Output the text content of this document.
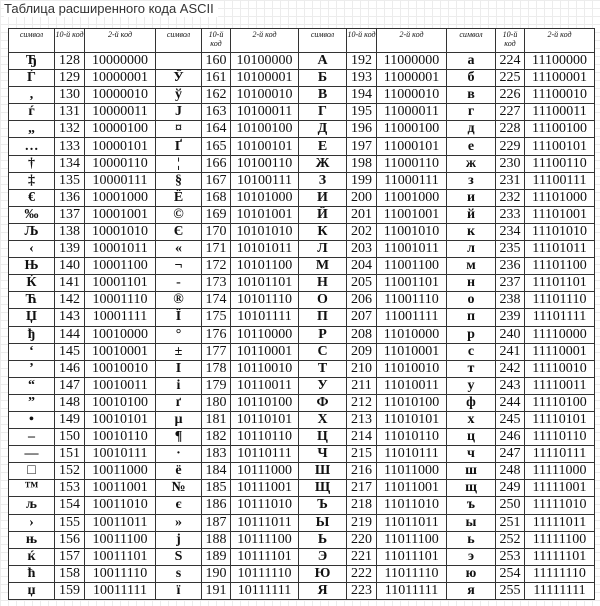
Таблица расширенного кода ASCII
символ	10-й код	2-й код	символ	10-й код	2-й код	символ	10-й код	2-й код	символ	10-й код	2-й код
Ђ	128	10000000		160	10100000	А	192	11000000	а	224	11100000
Ѓ	129	10000001	Ў	161	10100001	Б	193	11000001	б	225	11100001
‚	130	10000010	ў	162	10100010	В	194	11000010	в	226	11100010
ѓ	131	10000011	Ј	163	10100011	Г	195	11000011	г	227	11100011
„	132	10000100	¤	164	10100100	Д	196	11000100	д	228	11100100
…	133	10000101	Ґ	165	10100101	Е	197	11000101	е	229	11100101
†	134	10000110	¦	166	10100110	Ж	198	11000110	ж	230	11100110
‡	135	10000111	§	167	10100111	З	199	11000111	з	231	11100111
€	136	10001000	Ё	168	10101000	И	200	11001000	и	232	11101000
‰	137	10001001	©	169	10101001	Й	201	11001001	й	233	11101001
Љ	138	10001010	Є	170	10101010	К	202	11001010	к	234	11101010
‹	139	10001011	«	171	10101011	Л	203	11001011	л	235	11101011
Њ	140	10001100	¬	172	10101100	М	204	11001100	м	236	11101100
Ќ	141	10001101	-	173	10101101	Н	205	11001101	н	237	11101101
Ћ	142	10001110	®	174	10101110	О	206	11001110	о	238	11101110
Џ	143	10001111	Ї	175	10101111	П	207	11001111	п	239	11101111
ђ	144	10010000	°	176	10110000	Р	208	11010000	р	240	11110000
‘	145	10010001	±	177	10110001	С	209	11010001	с	241	11110001
’	146	10010010	І	178	10110010	Т	210	11010010	т	242	11110010
“	147	10010011	і	179	10110011	У	211	11010011	у	243	11110011
”	148	10010100	ґ	180	10110100	Ф	212	11010100	ф	244	11110100
•	149	10010101	µ	181	10110101	Х	213	11010101	х	245	11110101
–	150	10010110	¶	182	10110110	Ц	214	11010110	ц	246	11110110
—	151	10010111	·	183	10110111	Ч	215	11010111	ч	247	11110111
□	152	10011000	ё	184	10111000	Ш	216	11011000	ш	248	11111000
™	153	10011001	№	185	10111001	Щ	217	11011001	щ	249	11111001
љ	154	10011010	є	186	10111010	Ъ	218	11011010	ъ	250	11111010
›	155	10011011	»	187	10111011	Ы	219	11011011	ы	251	11111011
њ	156	10011100	ј	188	10111100	Ь	220	11011100	ь	252	11111100
ќ	157	10011101	Ѕ	189	10111101	Э	221	11011101	э	253	11111101
ћ	158	10011110	ѕ	190	10111110	Ю	222	11011110	ю	254	11111110
џ	159	10011111	ї	191	10111111	Я	223	11011111	я	255	11111111
